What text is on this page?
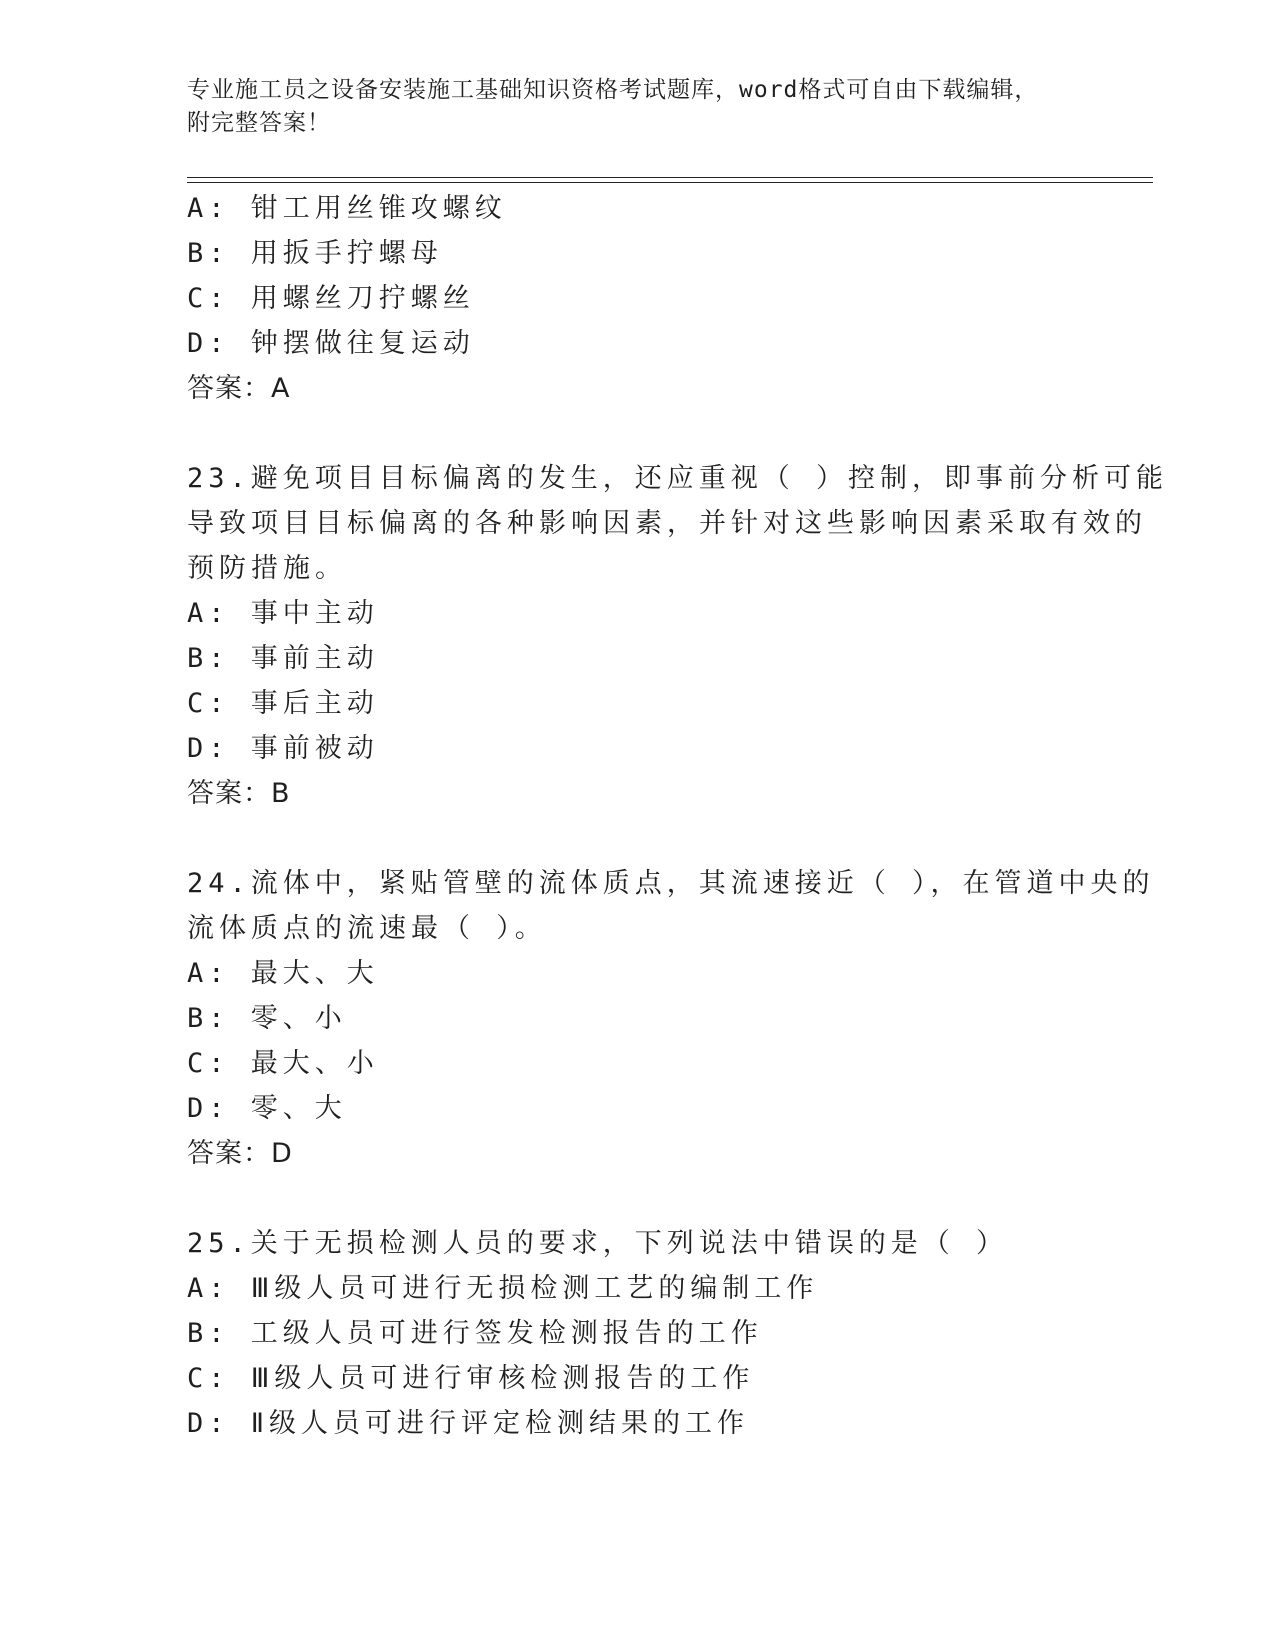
专业施工员之设备安装施工基础知识资格考试题库，word格式可自由下载编辑，
附完整答案！
A: 钳工用丝锥攻螺纹
B: 用扳手拧螺母
C: 用螺丝刀拧螺丝
D: 钟摆做往复运动
答案：A
23.避免项目目标偏离的发生，还应重视（ ）控制，即事前分析可能
导致项目目标偏离的各种影响因素，并针对这些影响因素采取有效的
预防措施。
A: 事中主动
B: 事前主动
C: 事后主动
D: 事前被动
答案：B
24.流体中，紧贴管壁的流体质点，其流速接近（ ），在管道中央的
流体质点的流速最（ ）。
A: 最大、大
B: 零、小
C: 最大、小
D: 零、大
答案：D
25.关于无损检测人员的要求，下列说法中错误的是（ ）
A: Ⅲ级人员可进行无损检测工艺的编制工作
B: 工级人员可进行签发检测报告的工作
C: Ⅲ级人员可进行审核检测报告的工作
D: Ⅱ级人员可进行评定检测结果的工作
